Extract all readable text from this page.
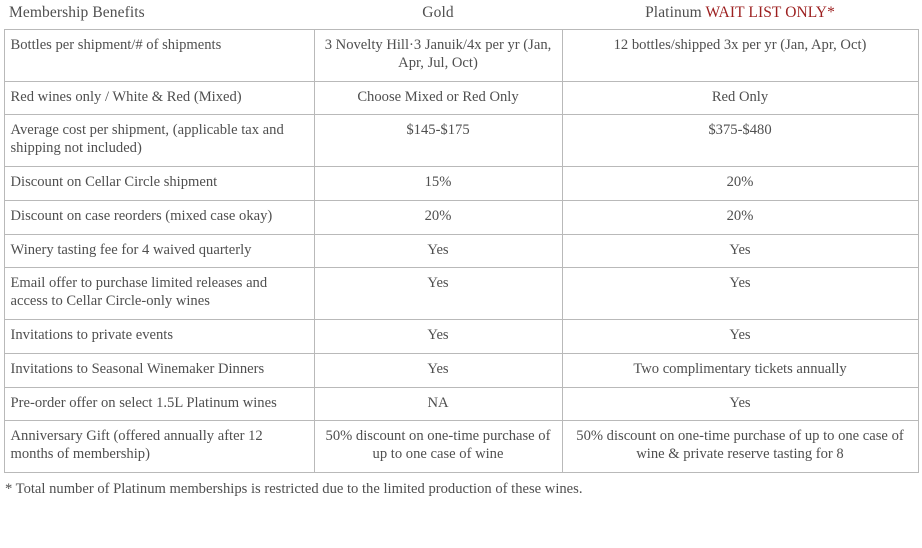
Membership Benefits	Gold	Platinum WAIT LIST ONLY*
Bottles per shipment/# of shipments	3 Novelty Hill·3 Januik/4x per yr (Jan, Apr, Jul, Oct)	12 bottles/shipped 3x per yr (Jan, Apr, Oct)
Red wines only / White & Red (Mixed)	Choose Mixed or Red Only	Red Only
Average cost per shipment, (applicable tax and shipping not included)	$145-$175	$375-$480
Discount on Cellar Circle shipment	15%	20%
Discount on case reorders (mixed case okay)	20%	20%
Winery tasting fee for 4 waived quarterly	Yes	Yes
Email offer to purchase limited releases and access to Cellar Circle-only wines	Yes	Yes
Invitations to private events	Yes	Yes
Invitations to Seasonal Winemaker Dinners	Yes	Two complimentary tickets annually
Pre-order offer on select 1.5L Platinum wines	NA	Yes
Anniversary Gift (offered annually after 12 months of membership)	50% discount on one-time purchase of up to one case of wine	50% discount on one-time purchase of up to one case of wine & private reserve tasting for 8
* Total number of Platinum memberships is restricted due to the limited production of these wines.
